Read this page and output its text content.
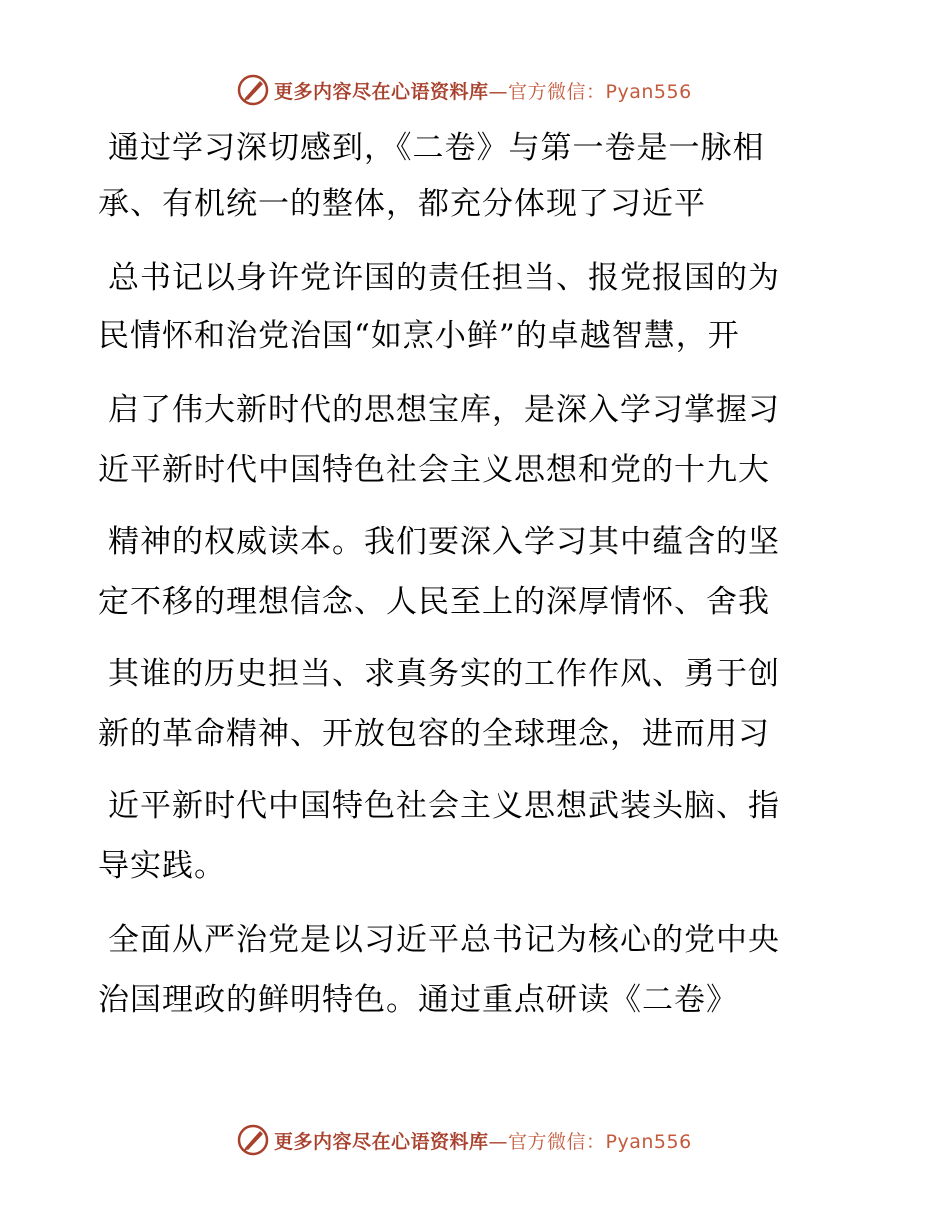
更多内容尽在心语资料库—官方微信：Pyan556
通过学习深切感到，《二卷》与第一卷是一脉相
承、有机统一的整体，都充分体现了习近平
总书记以身许党许国的责任担当、报党报国的为
民情怀和治党治国“如烹小鲜”的卓越智慧，开
启了伟大新时代的思想宝库，是深入学习掌握习
近平新时代中国特色社会主义思想和党的十九大
精神的权威读本。我们要深入学习其中蕴含的坚
定不移的理想信念、人民至上的深厚情怀、舍我
其谁的历史担当、求真务实的工作作风、勇于创
新的革命精神、开放包容的全球理念，进而用习
近平新时代中国特色社会主义思想武装头脑、指
导实践。
全面从严治党是以习近平总书记为核心的党中央
治国理政的鲜明特色。通过重点研读《二卷》
更多内容尽在心语资料库—官方微信：Pyan556
